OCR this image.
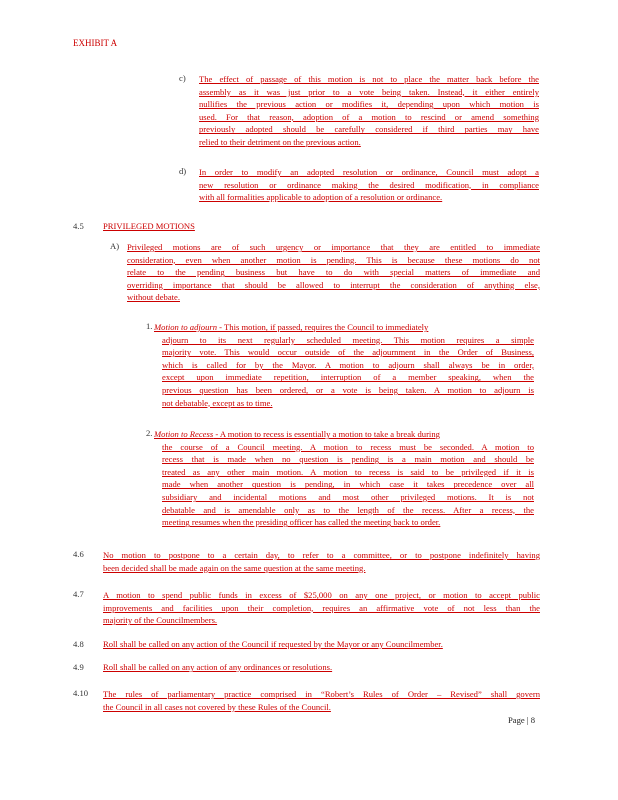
EXHIBIT A
c) The effect of passage of this motion is not to place the matter back before the
assembly as it was just prior to a vote being taken. Instead, it either entirely
nullifies the previous action or modifies it, depending upon which motion is
used. For that reason, adoption of a motion to rescind or amend something
previously adopted should be carefully considered if third parties may have
relied to their detriment on the previous action.
d) In order to modify an adopted resolution or ordinance, Council must adopt a
new resolution or ordinance making the desired modification, in compliance
with all formalities applicable to adoption of a resolution or ordinance.
4.5 PRIVILEGED MOTIONS
A) Privileged motions are of such urgency or importance that they are entitled to immediate
consideration, even when another motion is pending. This is because these motions do not
relate to the pending business but have to do with special matters of immediate and
overriding importance that should be allowed to interrupt the consideration of anything else,
without debate.
1. Motion to adjourn - This motion, if passed, requires the Council to immediately
adjourn to its next regularly scheduled meeting. This motion requires a simple
majority vote. This would occur outside of the adjournment in the Order of Business,
which is called for by the Mayor. A motion to adjourn shall always be in order,
except upon immediate repetition, interruption of a member speaking, when the
previous question has been ordered, or a vote is being taken. A motion to adjourn is
not debatable, except as to time.
2. Motion to Recess - A motion to recess is essentially a motion to take a break during
the course of a Council meeting. A motion to recess must be seconded. A motion to
recess that is made when no question is pending is a main motion and should be
treated as any other main motion. A motion to recess is said to be privileged if it is
made when another question is pending, in which case it takes precedence over all
subsidiary and incidental motions and most other privileged motions. It is not
debatable and is amendable only as to the length of the recess. After a recess, the
meeting resumes when the presiding officer has called the meeting back to order.
4.6 No motion to postpone to a certain day, to refer to a committee, or to postpone indefinitely having
been decided shall be made again on the same question at the same meeting.
4.7 A motion to spend public funds in excess of $25,000 on any one project, or motion to accept public
improvements and facilities upon their completion, requires an affirmative vote of not less than the
majority of the Councilmembers.
4.8 Roll shall be called on any action of the Council if requested by the Mayor or any Councilmember.
4.9 Roll shall be called on any action of any ordinances or resolutions.
4.10 The rules of parliamentary practice comprised in “Robert’s Rules of Order – Revised” shall govern
the Council in all cases not covered by these Rules of the Council.
Page | 8
